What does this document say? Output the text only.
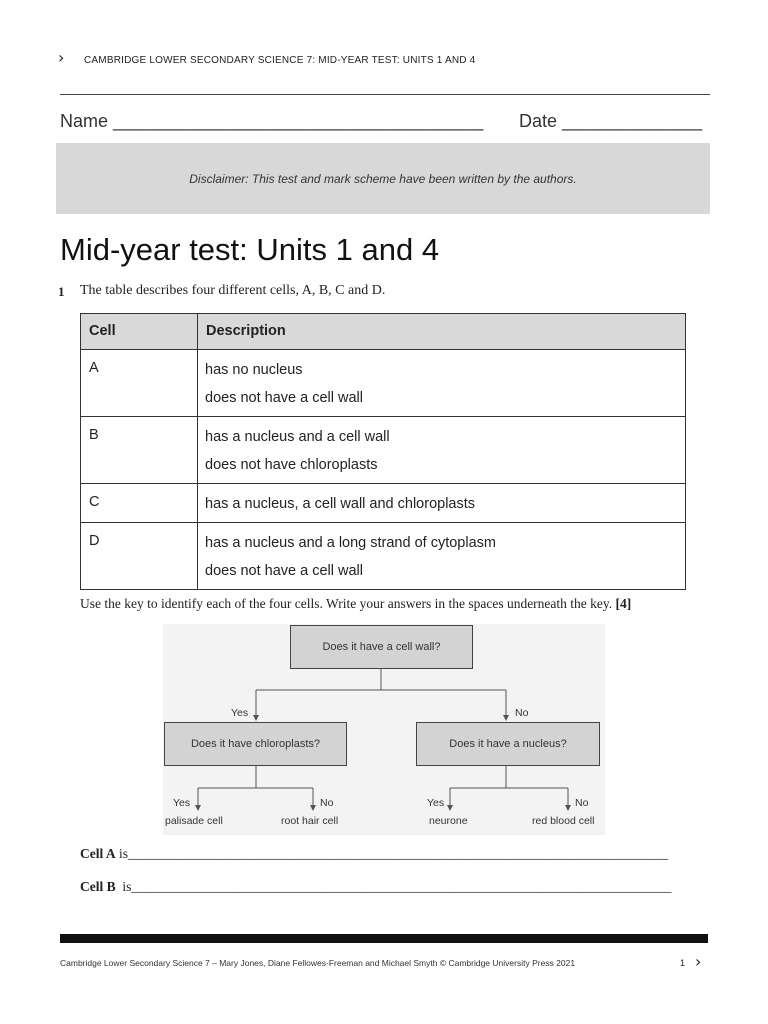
› CAMBRIDGE LOWER SECONDARY SCIENCE 7: MID-YEAR TEST: UNITS 1 AND 4
Name _____________________________________ Date ______________
Disclaimer: This test and mark scheme have been written by the authors.
Mid-year test: Units 1 and 4
1 The table describes four different cells, A, B, C and D.
Cell	Description
A	has no nucleus
does not have a cell wall

B	has a nucleus and a cell wall
does not have chloroplasts

C	has a nucleus, a cell wall and chloroplasts

D	has a nucleus and a long strand of cytoplasm
does not have a cell wall
Use the key to identify each of the four cells. Write your answers in the spaces underneath the key. [4]
Does it have a cell wall?
Yes	No
Does it have chloroplasts?	Does it have a nucleus?
Yes	No	Yes	No
palisade cell	root hair cell	neurone	red blood cell
Cell A is________________________________________________________________________________
Cell B is________________________________________________________________________________
Cambridge Lower Secondary Science 7 – Mary Jones, Diane Fellowes-Freeman and Michael Smyth © Cambridge University Press 2021	1 ›
